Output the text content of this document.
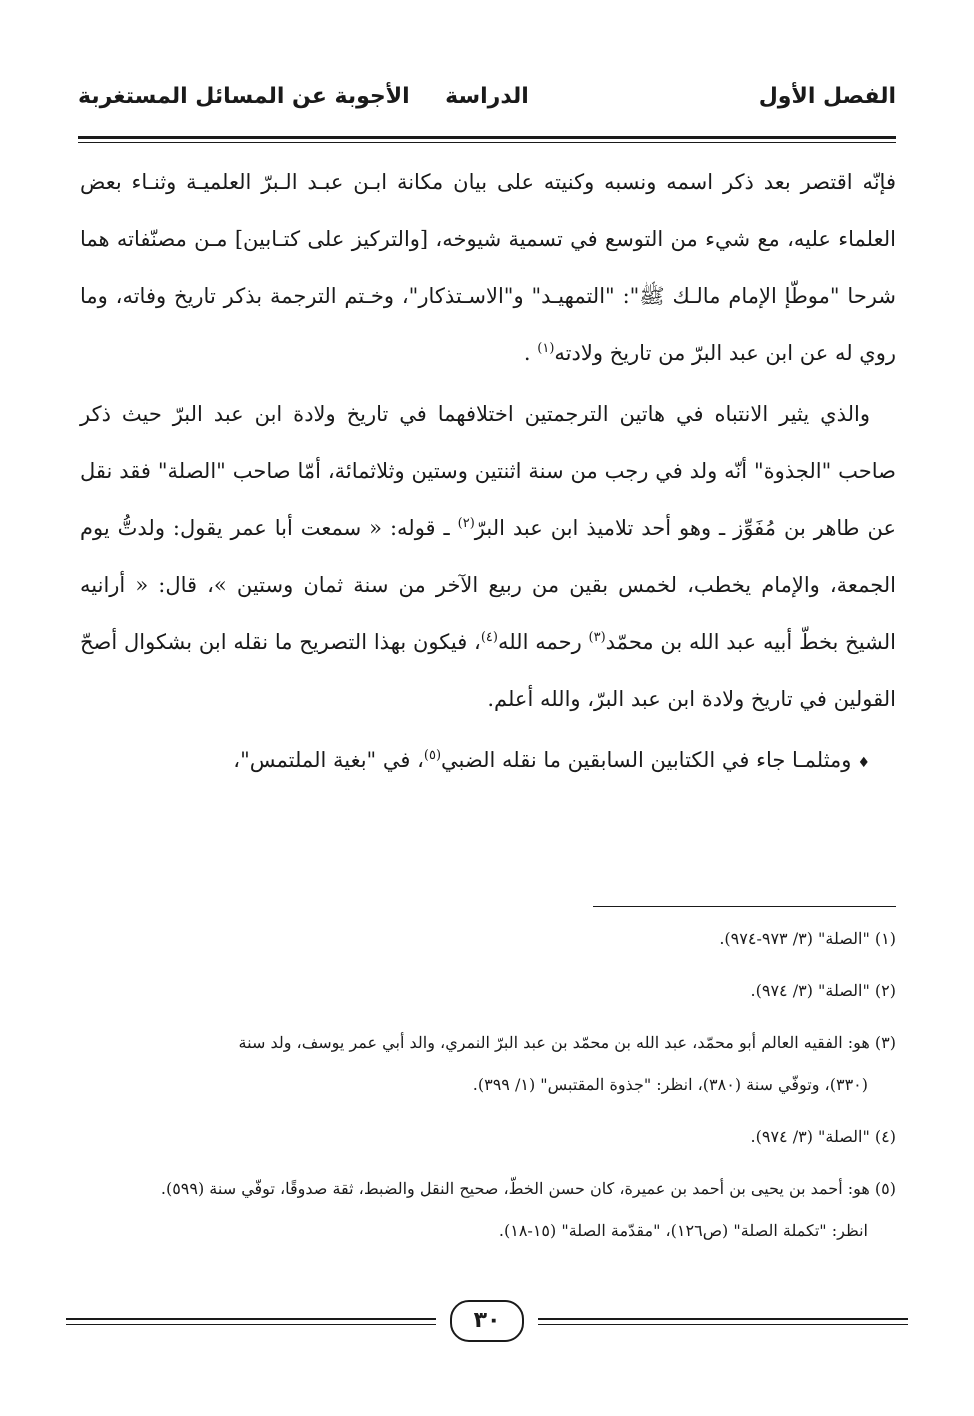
الفصل الأول
الدراسة
الأجوبة عن المسائل المستغربة

فإنّه اقتصر بعد ذكر اسمه ونسبه وكنيته على بيان مكانة ابـن عبـد الـبرّ العلميـة وثنـاء بعض العلماء عليه، مع شيء من التوسع في تسمية شيوخه، [والتركيز على كتـابين] مـن مصنّفاته هما شرحا "موطّإ الإمام مالـك ﷺ": "التمهيـد" و"الاسـتذكار"، وخـتم الترجمة بذكر تاريخ وفاته، وما روي له عن ابن عبد البرّ من تاريخ ولادته$^{(١)}$ .

والذي يثير الانتباه في هاتين الترجمتين اختلافهما في تاريخ ولادة ابن عبد البرّ حيث ذكر صاحب "الجذوة" أنّه ولد في رجب من سنة اثنتين وستين وثلاثمائة، أمّا صاحب "الصلة" فقد نقل عن طاهر بن مُفَوِّز ـ وهو أحد تلاميذ ابن عبد البرّ$^{(٢)}$ ـ قوله: « سمعت أبا عمر يقول: ولدتُّ يوم الجمعة، والإمام يخطب، لخمس بقين من ربيع الآخر من سنة ثمان وستين »، قال: « أرانيه الشيخ بخطّ أبيه عبد الله بن محمّد$^{(٣)}$ رحمه الله$^{(٤)}$، فيكون بهذا التصريح ما نقله ابن بشكوال أصحّ القولين في تاريخ ولادة ابن عبد البرّ، والله أعلم.

♦ومثلمـا جاء في الكتابين السابقين ما نقله الضبي$^{(٥)}$، في "بغية الملتمس"،

(١) "الصلة" (٣/ ٩٧٣-٩٧٤).

(٢) "الصلة" (٣/ ٩٧٤).

(٣) هو: الفقيه العالم أبو محمّد، عبد الله بن محمّد بن عبد البرّ النمري، والد أبي عمر يوسف، ولد سنة
(٣٣٠)، وتوفّي سنة (٣٨٠)، انظر: "جذوة المقتبس" (١/ ٣٩٩).

(٤) "الصلة" (٣/ ٩٧٤).

(٥) هو: أحمد بن يحيى بن أحمد بن عميرة، كان حسن الخطّ، صحيح النقل والضبط، ثقة صدوقًا، توفّي سنة (٥٩٩).
انظر: "تكملة الصلة" (ص١٢٦)، "مقدّمة الصلة" (١٥-١٨).

٣٠
